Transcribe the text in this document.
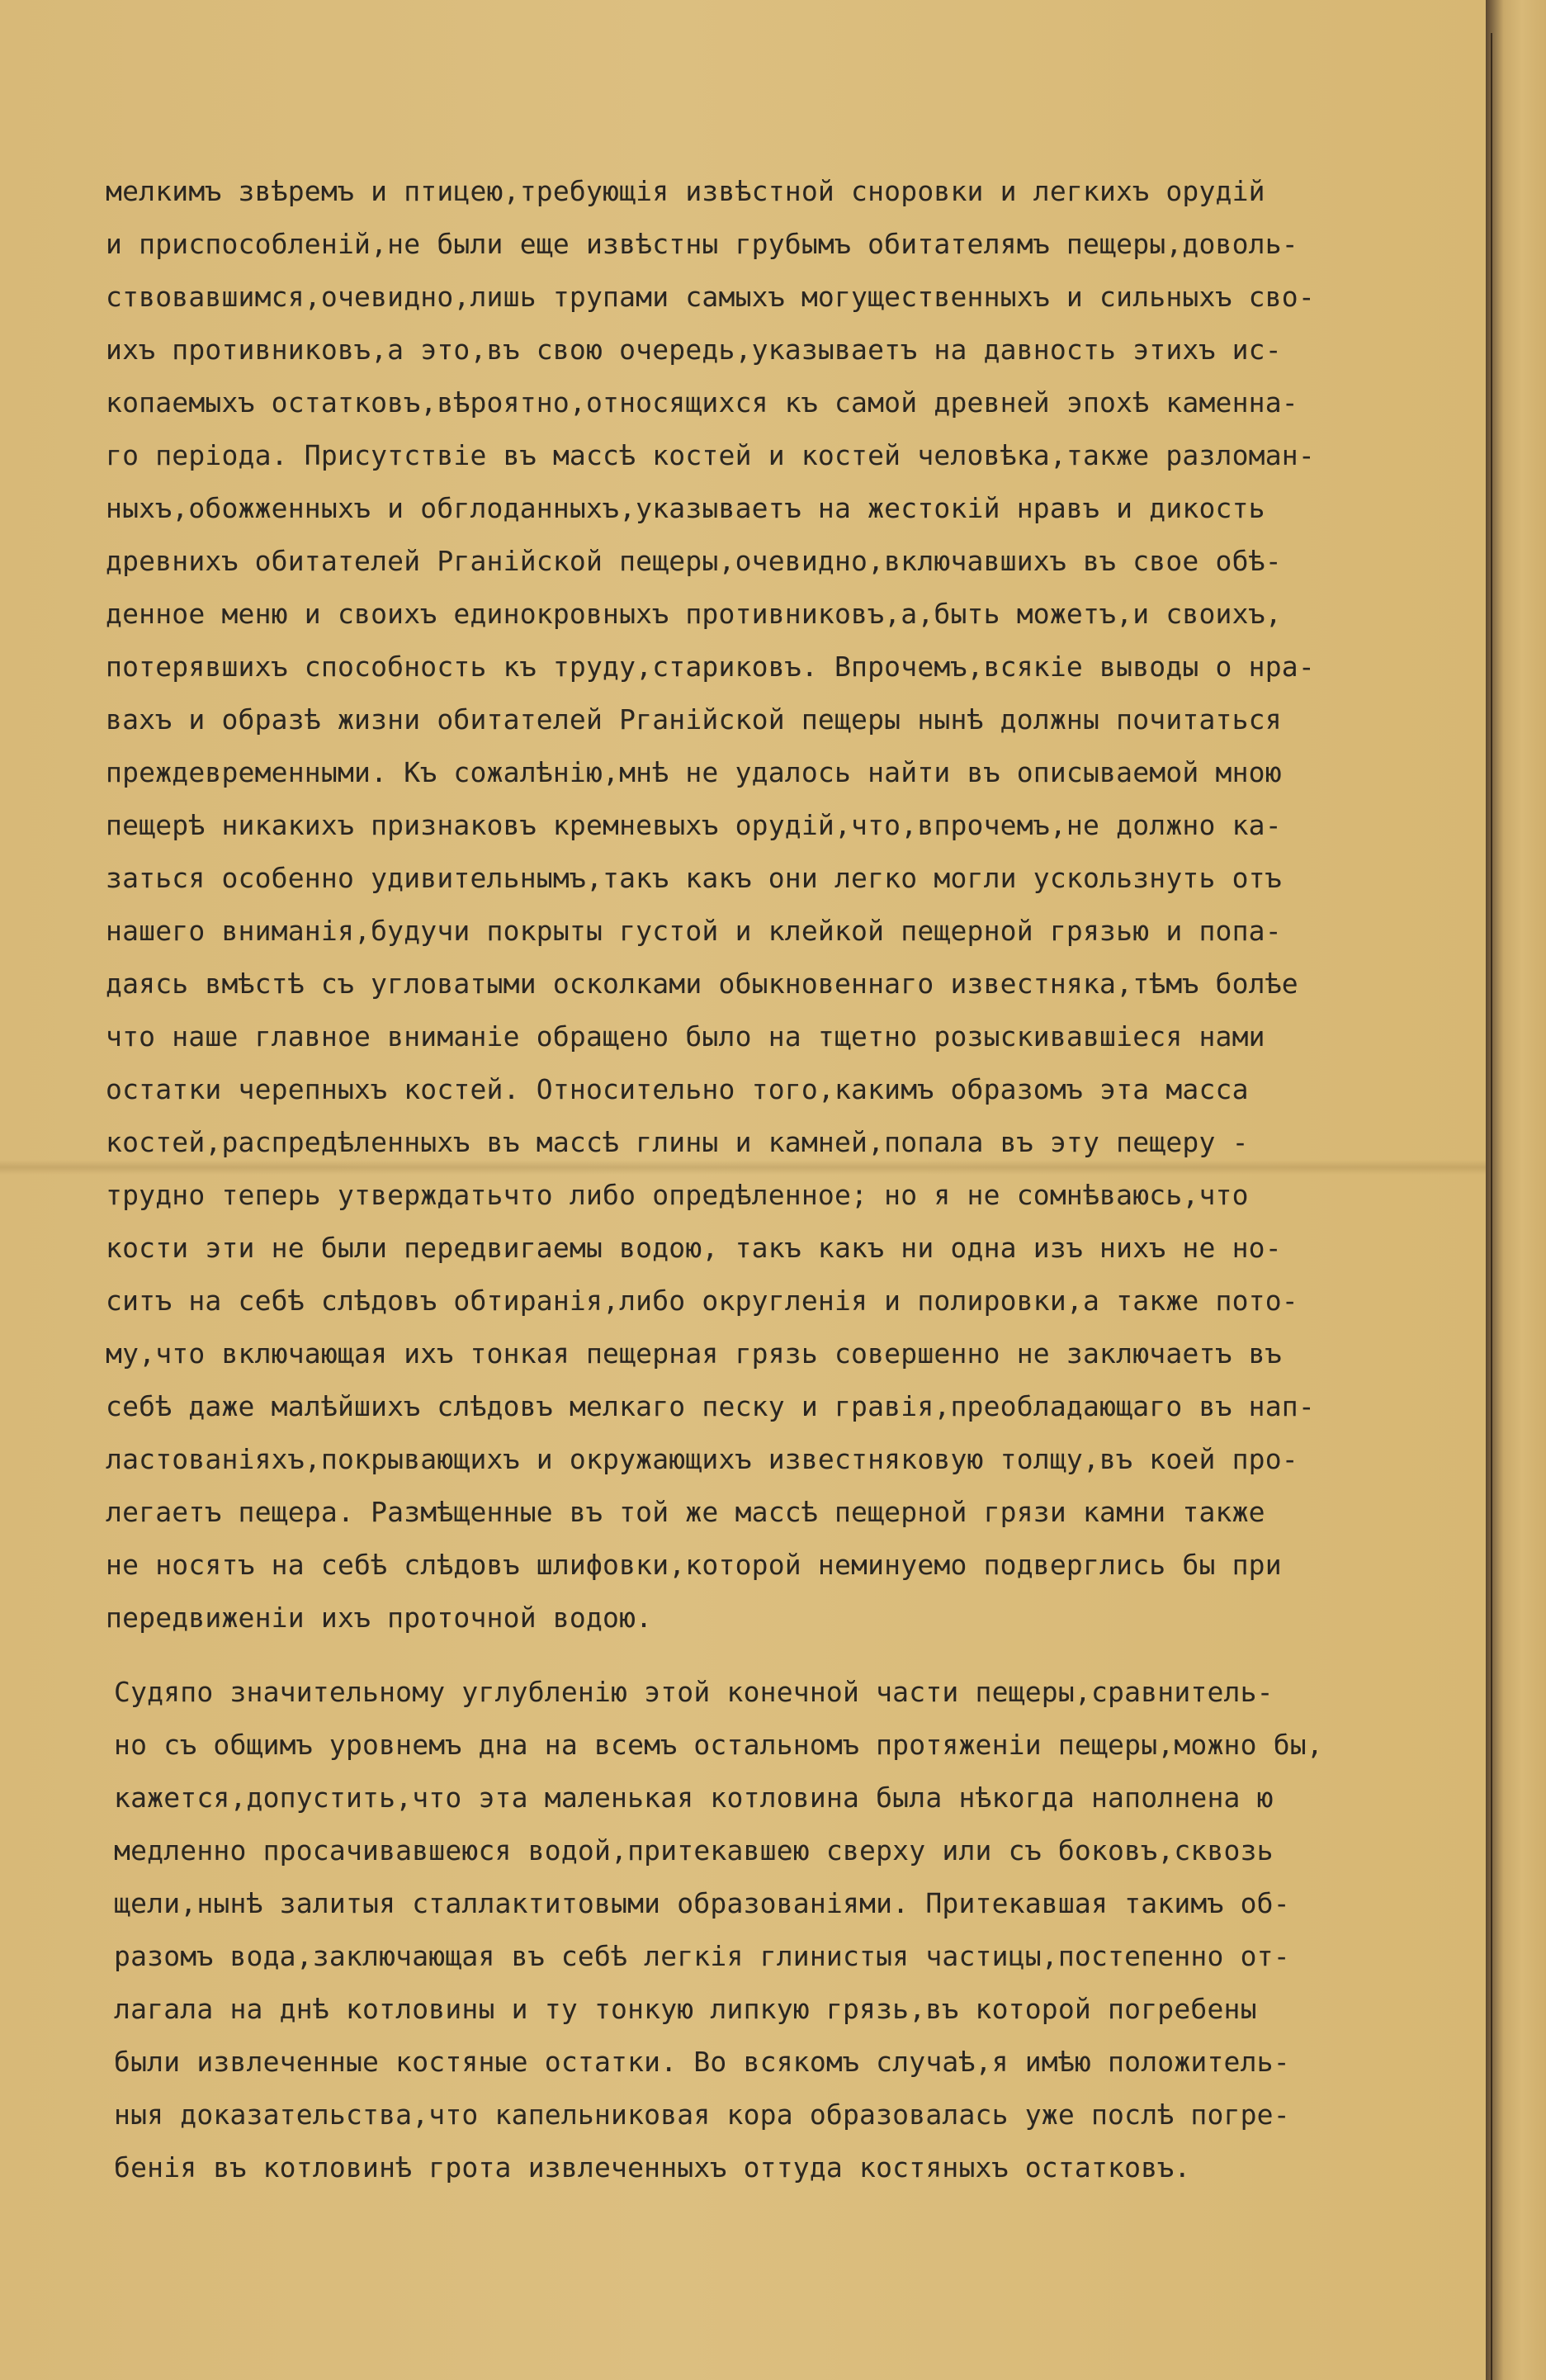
мелкимъ звѣремъ и птицею,требующія извѣстной сноровки и легкихъ орудій
и приспособленій,не были еще извѣстны грубымъ обитателямъ пещеры,доволь-
ствовавшимся,очевидно,лишь трупами самыхъ могущественныхъ и сильныхъ сво-
ихъ противниковъ,а это,въ свою очередь,указываетъ на давность этихъ ис-
копаемыхъ остатковъ,вѣроятно,относящихся къ самой древней эпохѣ каменна-
го періода. Присутствіе въ массѣ костей и костей человѣка,также разломан-
ныхъ,обожженныхъ и обглоданныхъ,указываетъ на жестокій нравъ и дикость
древнихъ обитателей Рганійской пещеры,очевидно,включавшихъ въ свое обѣ-
денное меню и своихъ единокровныхъ противниковъ,а,быть можетъ,и своихъ,
потерявшихъ способность къ труду,стариковъ. Впрочемъ,всякіе выводы о нра-
вахъ и образѣ жизни обитателей Рганійской пещеры нынѣ должны почитаться
преждевременными. Къ сожалѣнію,мнѣ не удалось найти въ описываемой мною
пещерѣ никакихъ признаковъ кремневыхъ орудій,что,впрочемъ,не должно ка-
заться особенно удивительнымъ,такъ какъ они легко могли ускользнуть отъ
нашего вниманія,будучи покрыты густой и клейкой пещерной грязью и попа-
даясь вмѣстѣ съ угловатыми осколками обыкновеннаго известняка,тѣмъ болѣе
что наше главное вниманіе обращено было на тщетно розыскивавшіеся нами
остатки черепныхъ костей. Относительно того,какимъ образомъ эта масса
костей,распредѣленныхъ въ массѣ глины и камней,попала въ эту пещеру -
трудно теперь утверждатьчто либо опредѣленное; но я не сомнѣваюсь,что
кости эти не были передвигаемы водою, такъ какъ ни одна изъ нихъ не но-
ситъ на себѣ слѣдовъ обтиранія,либо округленія и полировки,а также пото-
му,что включающая ихъ тонкая пещерная грязь совершенно не заключаетъ въ
себѣ даже малѣйшихъ слѣдовъ мелкаго песку и гравія,преобладающаго въ нап-
ластованіяхъ,покрывающихъ и окружающихъ известняковую толщу,въ коей про-
легаетъ пещера. Размѣщенные въ той же массѣ пещерной грязи камни также
не носятъ на себѣ слѣдовъ шлифовки,которой неминуемо подверглись бы при
передвиженіи ихъ проточной водою.
Судяпо значительному углубленію этой конечной части пещеры,сравнитель-
но съ общимъ уровнемъ дна на всемъ остальномъ протяженіи пещеры,можно бы,
кажется,допустить,что эта маленькая котловина была нѣкогда наполнена ю
медленно просачивавшеюся водой,притекавшею сверху или съ боковъ,сквозь
щели,нынѣ залитыя сталлактитовыми образованіями. Притекавшая такимъ об-
разомъ вода,заключающая въ себѣ легкія глинистыя частицы,постепенно от-
лагала на днѣ котловины и ту тонкую липкую грязь,въ которой погребены
были извлеченные костяные остатки. Во всякомъ случаѣ,я имѣю положитель-
ныя доказательства,что капельниковая кора образовалась уже послѣ погре-
бенія въ котловинѣ грота извлеченныхъ оттуда костяныхъ остатковъ.
